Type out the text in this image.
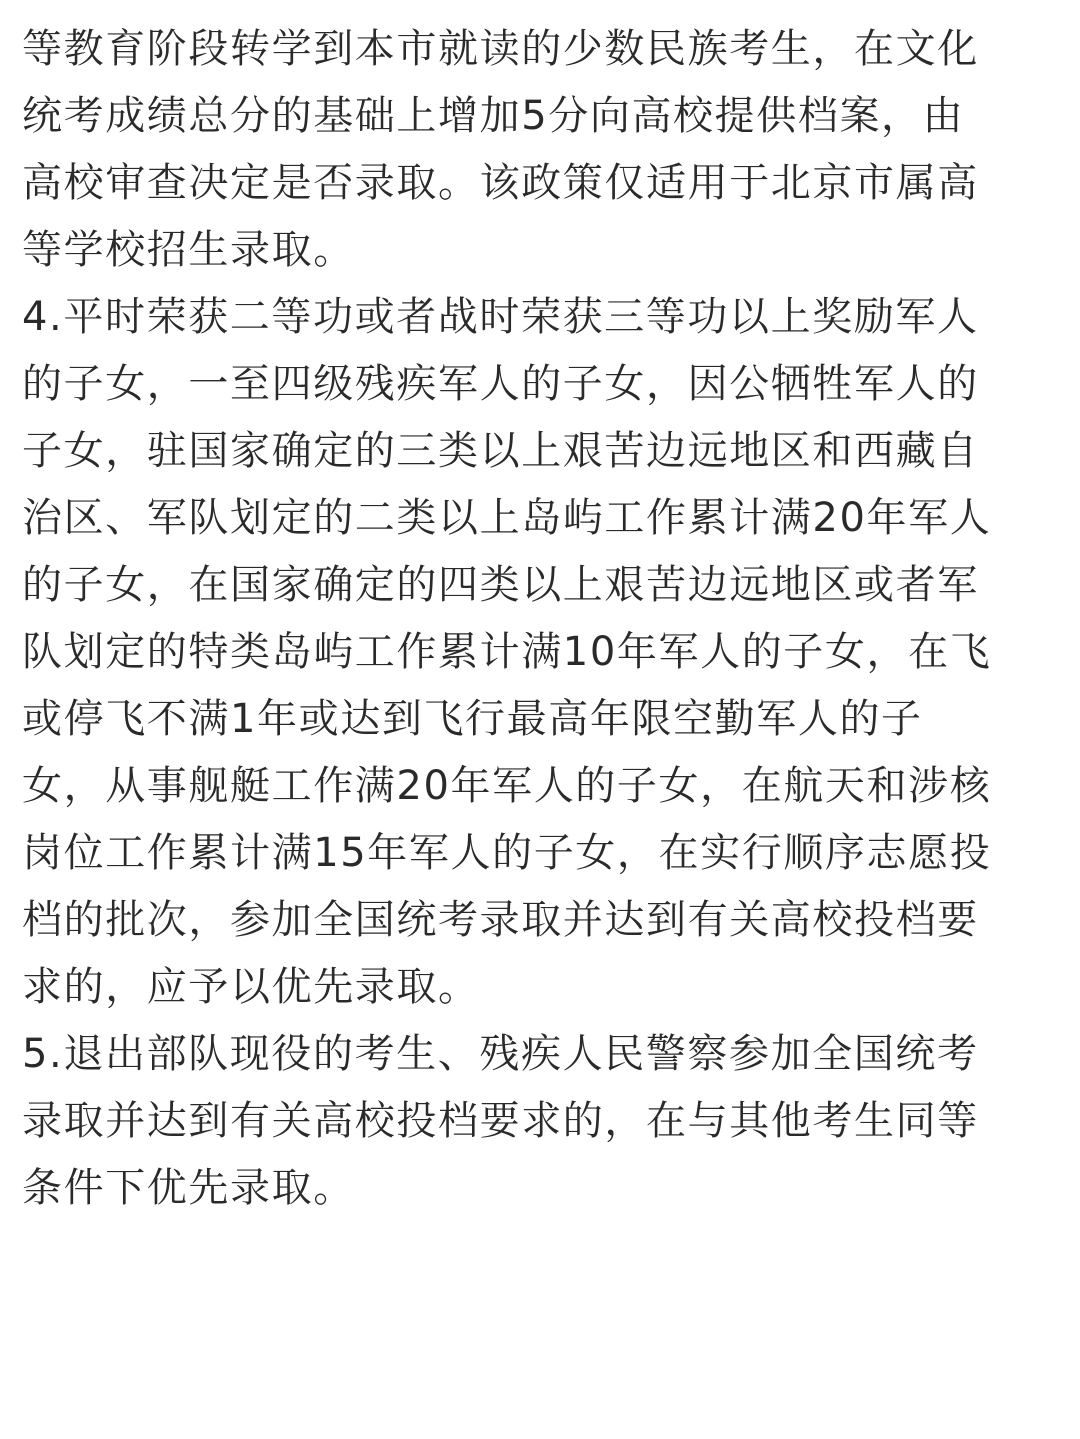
等教育阶段转学到本市就读的少数民族考生，在文化
统考成绩总分的基础上增加5分向高校提供档案，由
高校审查决定是否录取。该政策仅适用于北京市属高
等学校招生录取。
4.平时荣获二等功或者战时荣获三等功以上奖励军人
的子女，一至四级残疾军人的子女，因公牺牲军人的
子女，驻国家确定的三类以上艰苦边远地区和西藏自
治区、军队划定的二类以上岛屿工作累计满20年军人
的子女，在国家确定的四类以上艰苦边远地区或者军
队划定的特类岛屿工作累计满10年军人的子女，在飞
或停飞不满1年或达到飞行最高年限空勤军人的子
女，从事舰艇工作满20年军人的子女，在航天和涉核
岗位工作累计满15年军人的子女，在实行顺序志愿投
档的批次，参加全国统考录取并达到有关高校投档要
求的，应予以优先录取。
5.退出部队现役的考生、残疾人民警察参加全国统考
录取并达到有关高校投档要求的，在与其他考生同等
条件下优先录取。
